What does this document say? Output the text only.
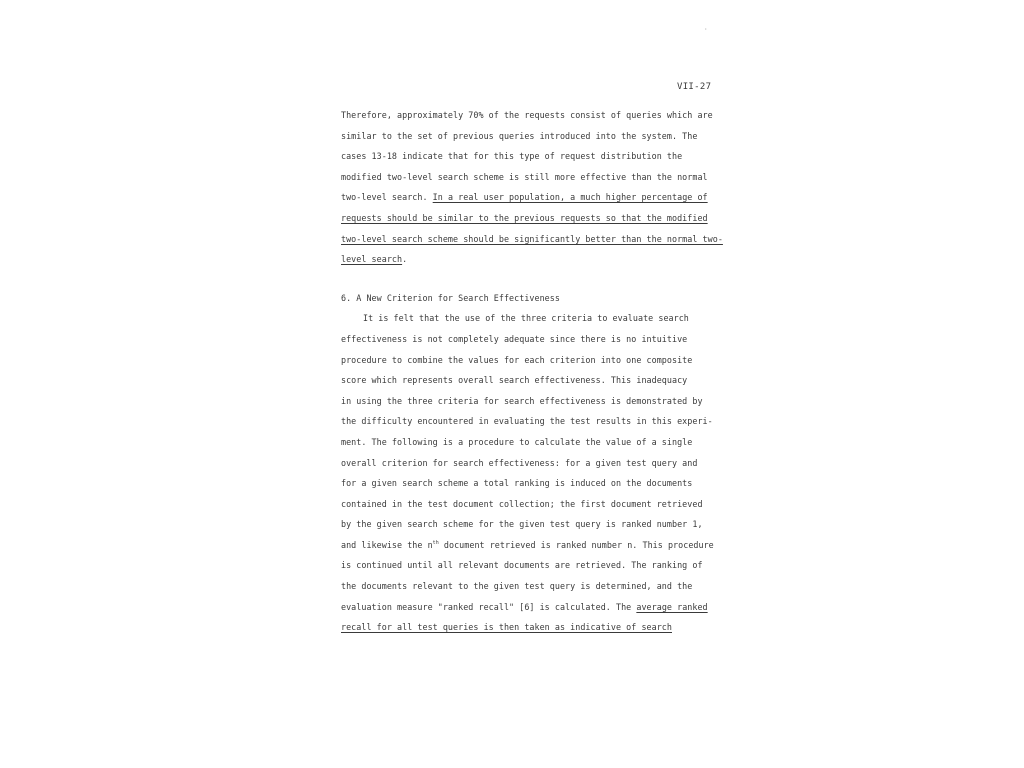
·
VII-27
Therefore, approximately 70% of the requests consist of queries which are
similar to the set of previous queries introduced into the system. The
cases 13-18 indicate that for this type of request distribution the
modified two-level search scheme is still more effective than the normal
two-level search. In a real user population, a much higher percentage of
requests should be similar to the previous requests so that the modified
two-level search scheme should be significantly better than the normal two-
level search.
6. A New Criterion for Search Effectiveness
It is felt that the use of the three criteria to evaluate search
effectiveness is not completely adequate since there is no intuitive
procedure to combine the values for each criterion into one composite
score which represents overall search effectiveness. This inadequacy
in using the three criteria for search effectiveness is demonstrated by
the difficulty encountered in evaluating the test results in this experi-
ment. The following is a procedure to calculate the value of a single
overall criterion for search effectiveness: for a given test query and
for a given search scheme a total ranking is induced on the documents
contained in the test document collection; the first document retrieved
by the given search scheme for the given test query is ranked number 1,
and likewise the $n^{th}$ document retrieved is ranked number n. This procedure
is continued until all relevant documents are retrieved. The ranking of
the documents relevant to the given test query is determined, and the
evaluation measure "ranked recall" [6] is calculated. The average ranked
recall for all test queries is then taken as indicative of search
